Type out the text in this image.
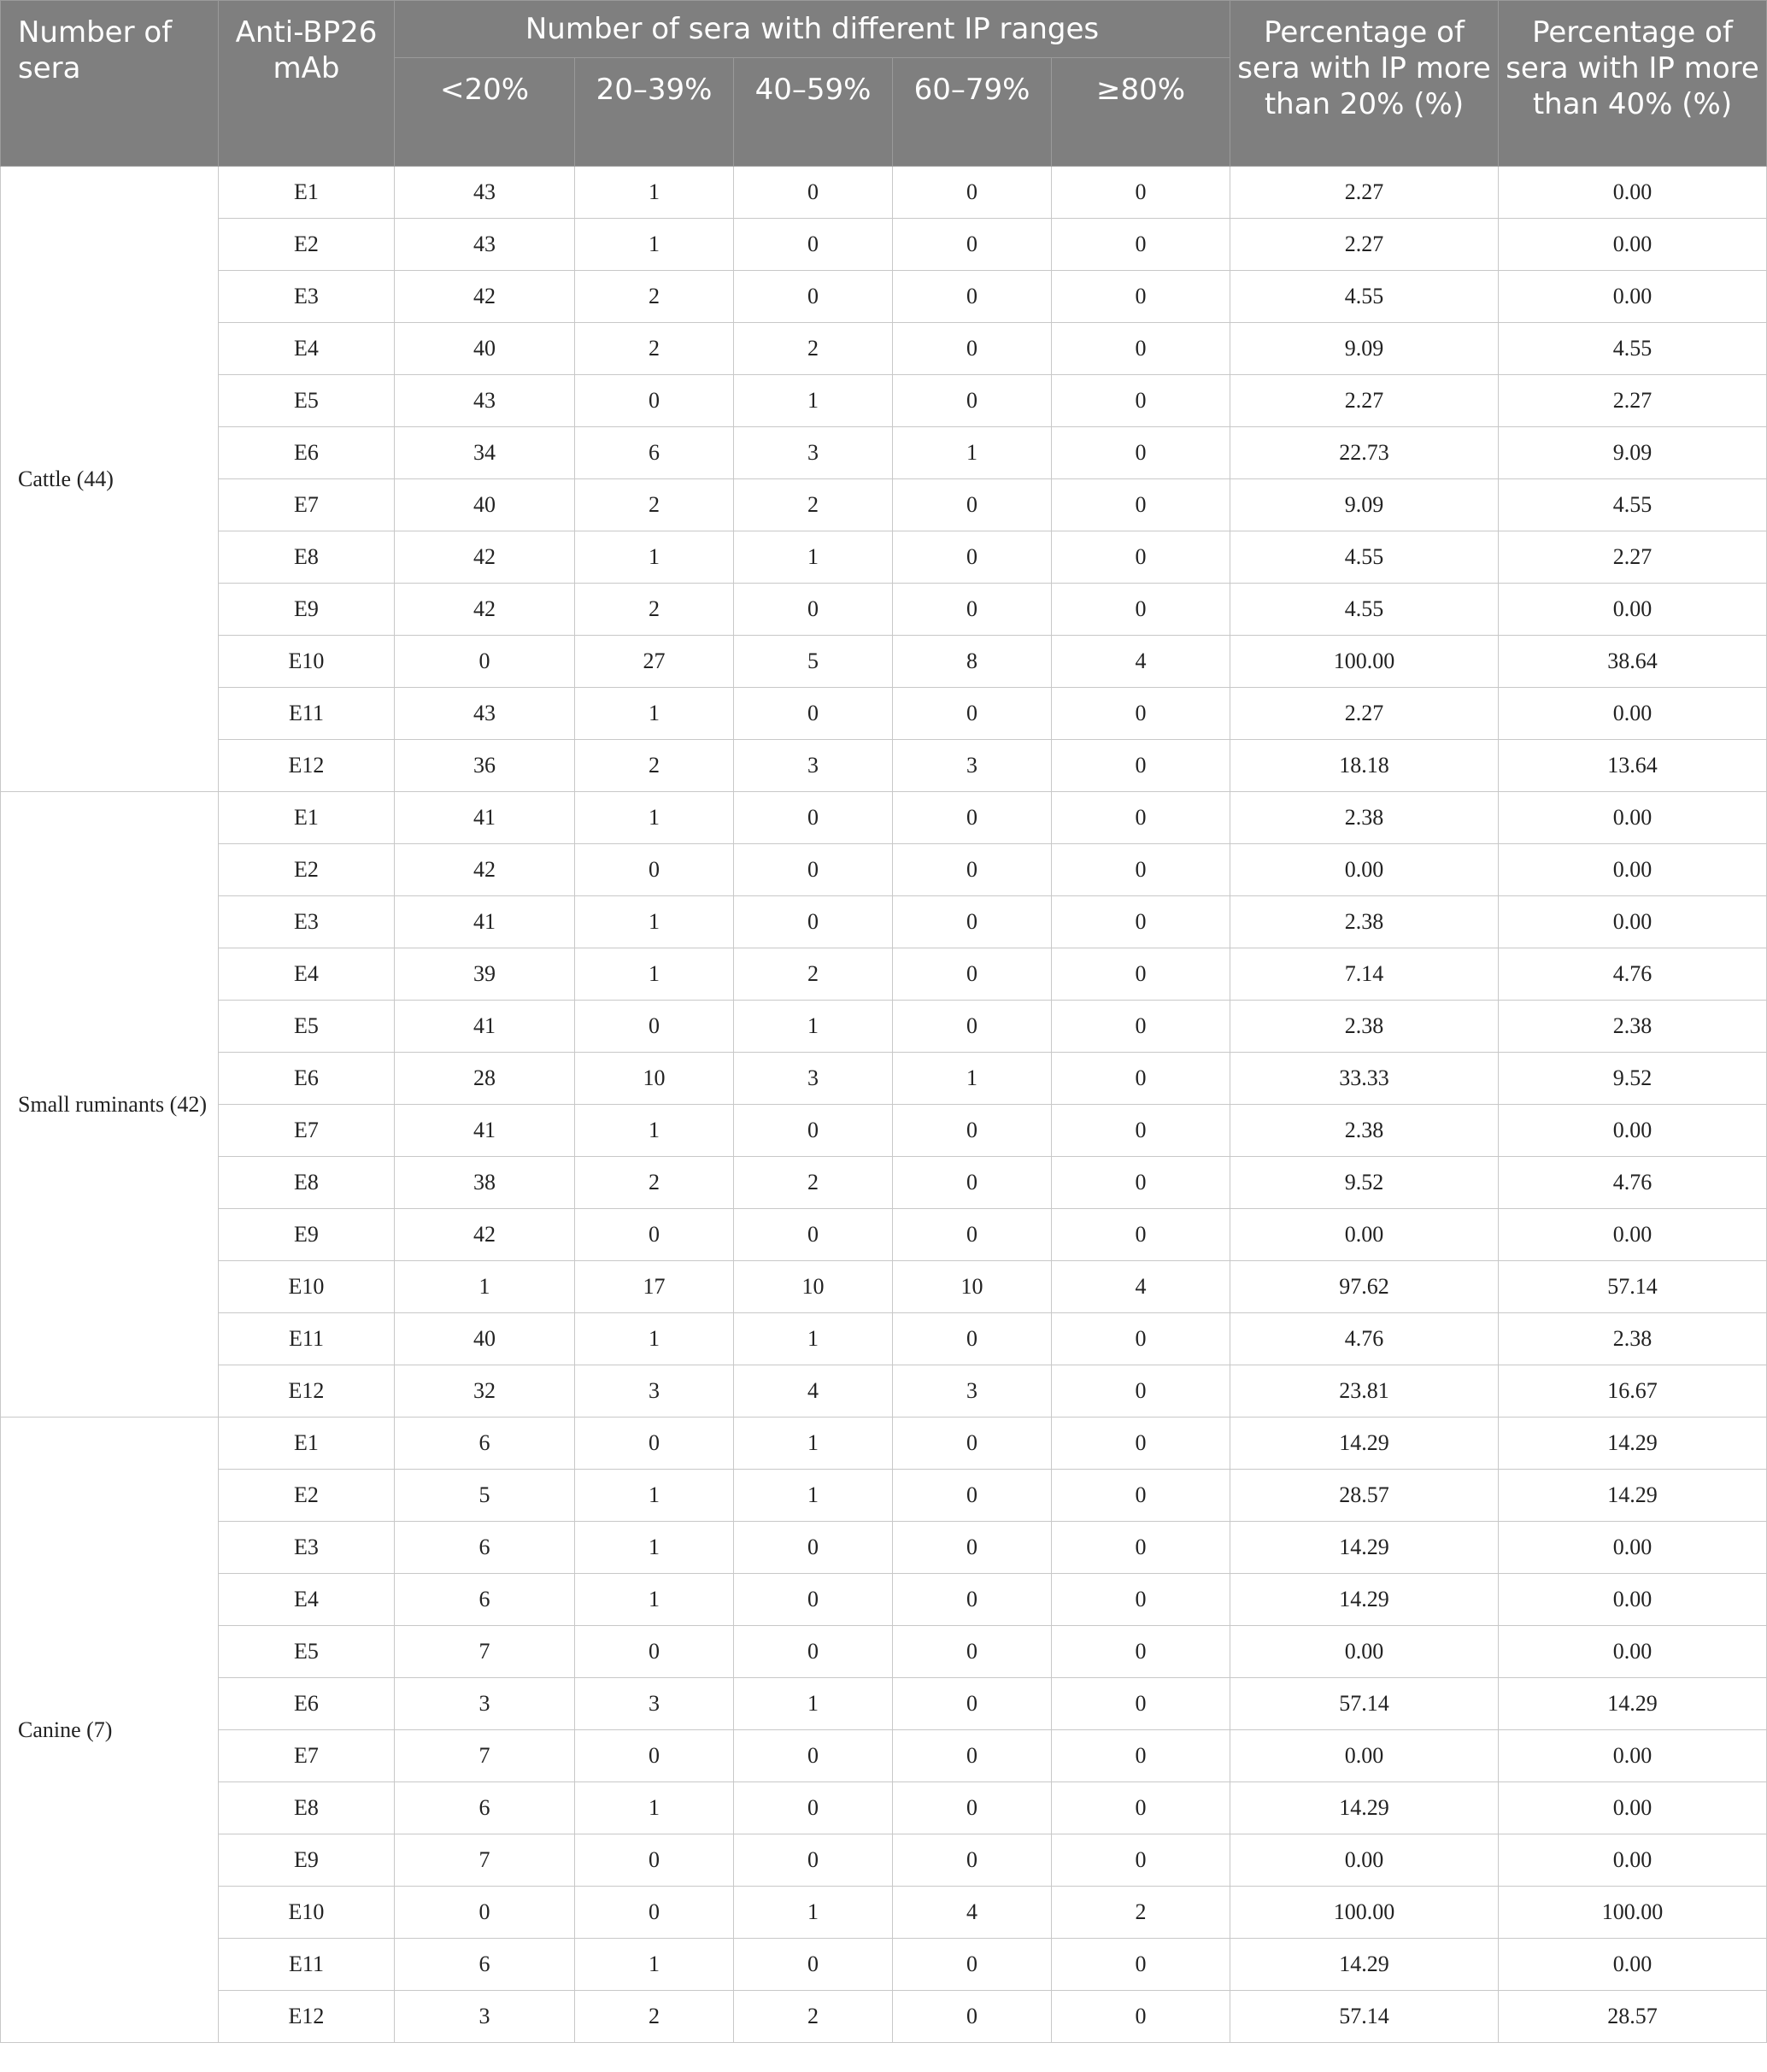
Number of sera	Anti-BP26 mAb	Number of sera with different IP ranges					Percentage of sera with IP more than 20% (%)	Percentage of sera with IP more than 40% (%)
		<20%	20–39%	40–59%	60–79%	≥80%		
Cattle (44)	E1	43	1	0	0	0	2.27	0.00
	E2	43	1	0	0	0	2.27	0.00
	E3	42	2	0	0	0	4.55	0.00
	E4	40	2	2	0	0	9.09	4.55
	E5	43	0	1	0	0	2.27	2.27
	E6	34	6	3	1	0	22.73	9.09
	E7	40	2	2	0	0	9.09	4.55
	E8	42	1	1	0	0	4.55	2.27
	E9	42	2	0	0	0	4.55	0.00
	E10	0	27	5	8	4	100.00	38.64
	E11	43	1	0	0	0	2.27	0.00
	E12	36	2	3	3	0	18.18	13.64
Small ruminants (42)	E1	41	1	0	0	0	2.38	0.00
	E2	42	0	0	0	0	0.00	0.00
	E3	41	1	0	0	0	2.38	0.00
	E4	39	1	2	0	0	7.14	4.76
	E5	41	0	1	0	0	2.38	2.38
	E6	28	10	3	1	0	33.33	9.52
	E7	41	1	0	0	0	2.38	0.00
	E8	38	2	2	0	0	9.52	4.76
	E9	42	0	0	0	0	0.00	0.00
	E10	1	17	10	10	4	97.62	57.14
	E11	40	1	1	0	0	4.76	2.38
	E12	32	3	4	3	0	23.81	16.67
Canine (7)	E1	6	0	1	0	0	14.29	14.29
	E2	5	1	1	0	0	28.57	14.29
	E3	6	1	0	0	0	14.29	0.00
	E4	6	1	0	0	0	14.29	0.00
	E5	7	0	0	0	0	0.00	0.00
	E6	3	3	1	0	0	57.14	14.29
	E7	7	0	0	0	0	0.00	0.00
	E8	6	1	0	0	0	14.29	0.00
	E9	7	0	0	0	0	0.00	0.00
	E10	0	0	1	4	2	100.00	100.00
	E11	6	1	0	0	0	14.29	0.00
	E12	3	2	2	0	0	57.14	28.57
